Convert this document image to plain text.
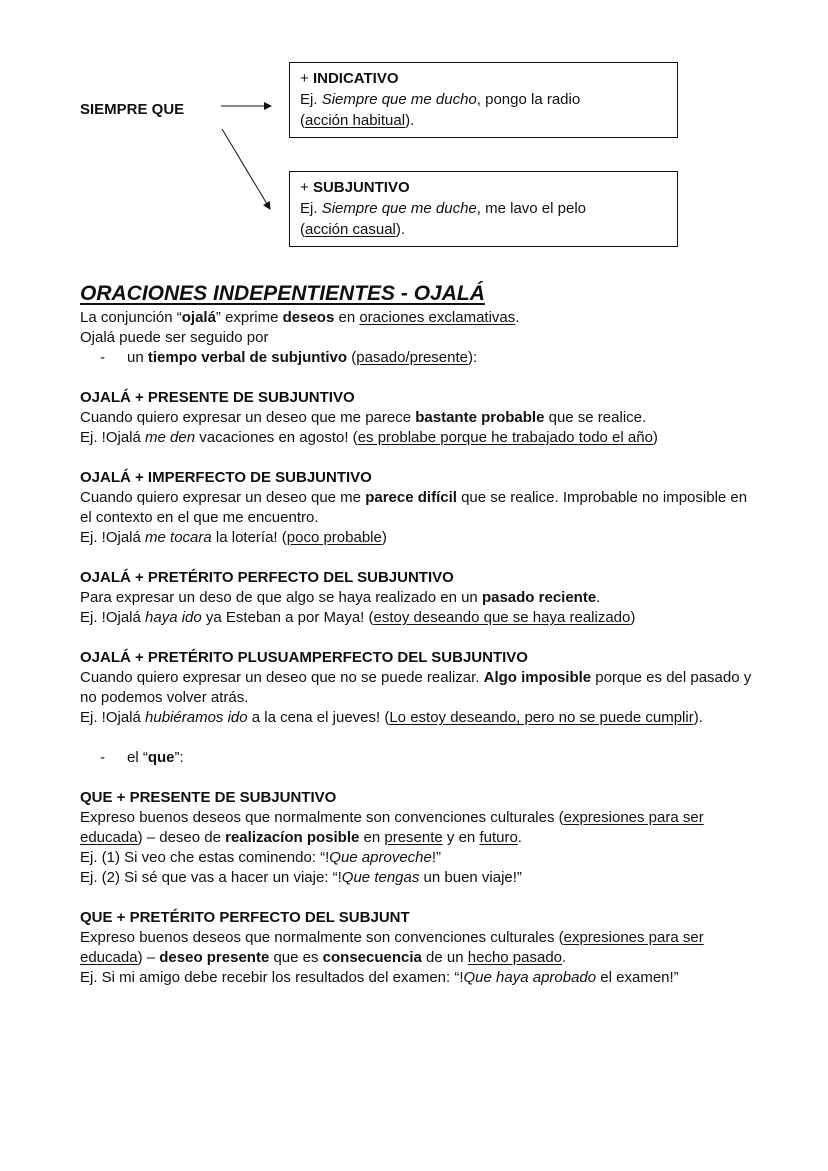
SIEMPRE QUE
+ INDICATIVO
Ej. Siempre que me ducho, pongo la radio
(acción habitual).
+ SUBJUNTIVO
Ej. Siempre que me duche, me lavo el pelo
(acción casual).
ORACIONES INDEPENTIENTES - OJALÁ

La conjunción “ojalá” exprime deseos en oraciones exclamativas.

Ojalá puede ser seguido por

-	un tiempo verbal de subjuntivo (pasado/presente):

OJALÁ + PRESENTE DE SUBJUNTIVO

Cuando quiero expresar un deseo que me parece bastante probable que se realice.

Ej. !Ojalá me den vacaciones en agosto! (es problabe porque he trabajado todo el año)

OJALÁ + IMPERFECTO DE SUBJUNTIVO

Cuando quiero expresar un deseo que me parece difícil que se realice. Improbable no imposible en el contexto en el que me encuentro.

Ej. !Ojalá me tocara la lotería! (poco probable)

OJALÁ + PRETÉRITO PERFECTO DEL SUBJUNTIVO

Para expresar un deso de que algo se haya realizado en un pasado reciente.

Ej. !Ojalá haya ido ya Esteban a por Maya! (estoy deseando que se haya realizado)

OJALÁ + PRETÉRITO PLUSUAMPERFECTO DEL SUBJUNTIVO

Cuando quiero expresar un deseo que no se puede realizar. Algo imposible porque es del pasado y no podemos volver atrás.

Ej. !Ojalá hubiéramos ido a la cena el jueves! (Lo estoy deseando, pero no se puede cumplir).

-	el “que”:

QUE + PRESENTE DE SUBJUNTIVO

Expreso buenos deseos que normalmente son convenciones culturales (expresiones para ser educada) – deseo de realizacíon posible en presente y en futuro.

Ej. (1) Si veo che estas cominendo: “!Que aproveche!”

Ej. (2) Si sé que vas a hacer un viaje: “!Que tengas un buen viaje!”

QUE + PRETÉRITO PERFECTO DEL SUBJUNT

Expreso buenos deseos que normalmente son convenciones culturales (expresiones para ser educada) – deseo presente que es consecuencia de un hecho pasado.

Ej. Si mi amigo debe recebir los resultados del examen: “!Que haya aprobado el examen!”
